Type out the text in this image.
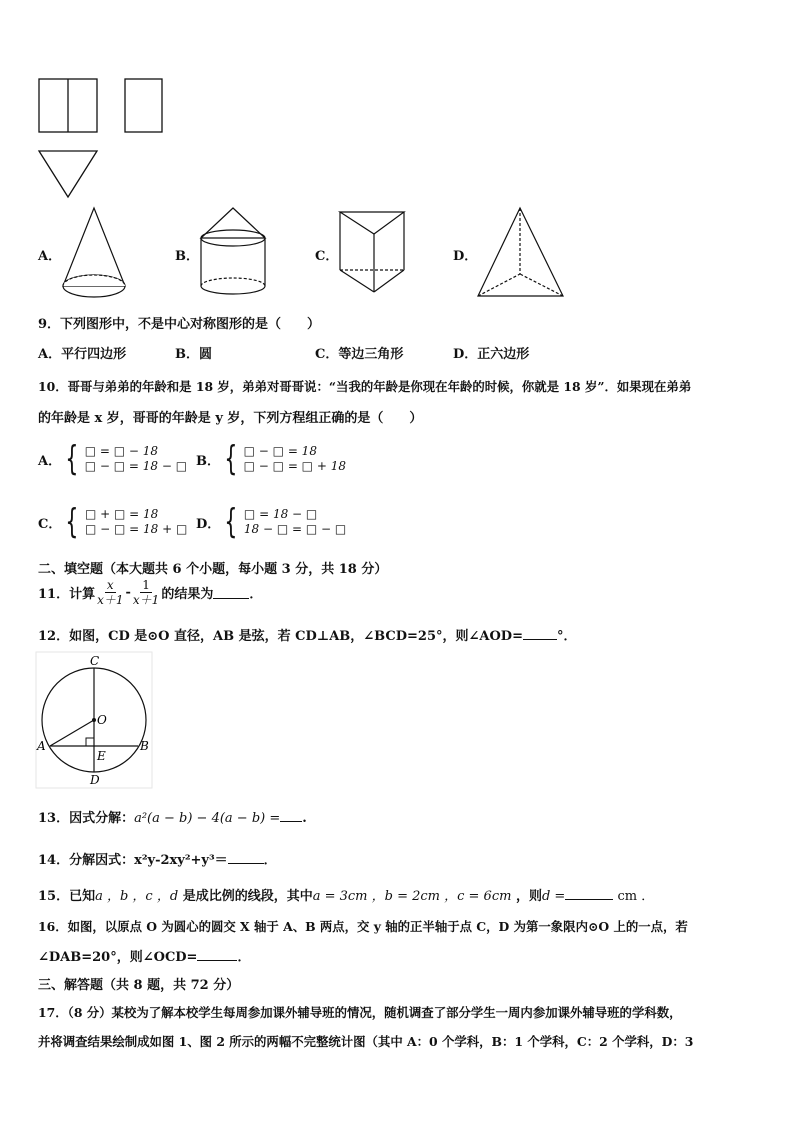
A．	B．	C．	D．
9．下列图形中，不是中心对称图形的是（　　）
A．平行四边形	B．圆	C．等边三角形	D．正六边形
10．哥哥与弟弟的年龄和是 18 岁，弟弟对哥哥说：“当我的年龄是你现在年龄的时候，你就是 18 岁”．如果现在弟弟
的年龄是 x 岁，哥哥的年龄是 y 岁，下列方程组正确的是（　　）
A． { □ = □ − 18
□ − □ = 18 − □ B． { □ − □ = 18
□ − □ = □ + 18
C． { □ + □ = 18
□ − □ = 18 + □ D． { □ = 18 − □
18 − □ = □ − □
二、填空题（本大题共 6 个小题，每小题 3 分，共 18 分）
11．计算 $\frac{x}{x+1} - \frac{1}{x+1}$ 的结果为	．
12．如图，CD 是⊙O 直径，AB 是弦，若 CD⊥AB，∠BCD=25°，则∠AOD=	°．
C
O
A	B
E
D
13．因式分解：a²(a − b) − 4(a − b) = .
14．分解因式：x²y-2xy²+y³＝	．
15．已知a ，b ，c ，d 是成比例的线段，其中a = 3cm ，b = 2cm ，c = 6cm ，则d =	cm ．
16．如图，以原点 O 为圆心的圆交 X 轴于 A、B 两点，交 y 轴的正半轴于点 C，D 为第一象限内⊙O 上的一点，若
∠DAB=20°，则∠OCD=	．
三、解答题（共 8 题，共 72 分）
17．（8 分）某校为了解本校学生每周参加课外辅导班的情况，随机调查了部分学生一周内参加课外辅导班的学科数，
并将调查结果绘制成如图 1、图 2 所示的两幅不完整统计图（其中 A：0 个学科，B：1 个学科，C：2 个学科，D：3
